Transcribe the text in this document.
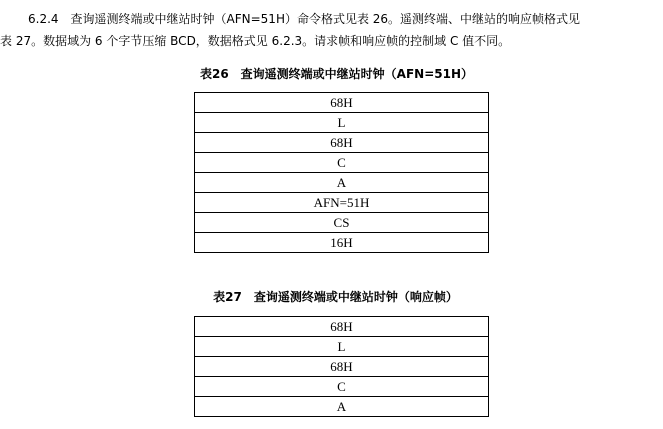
6.2.4　查询遥测终端或中继站时钟（AFN=51H）命令格式见表 26。遥测终端、中继站的响应帧格式见
表 27。数据域为 6 个字节压缩 BCD，数据格式见 6.2.3。请求帧和响应帧的控制域 C 值不同。

表26　查询遥测终端或中继站时钟（AFN=51H）
68H
L
68H
C
A
AFN=51H
CS
16H
表27　查询遥测终端或中继站时钟（响应帧）
68H
L
68H
C
A
